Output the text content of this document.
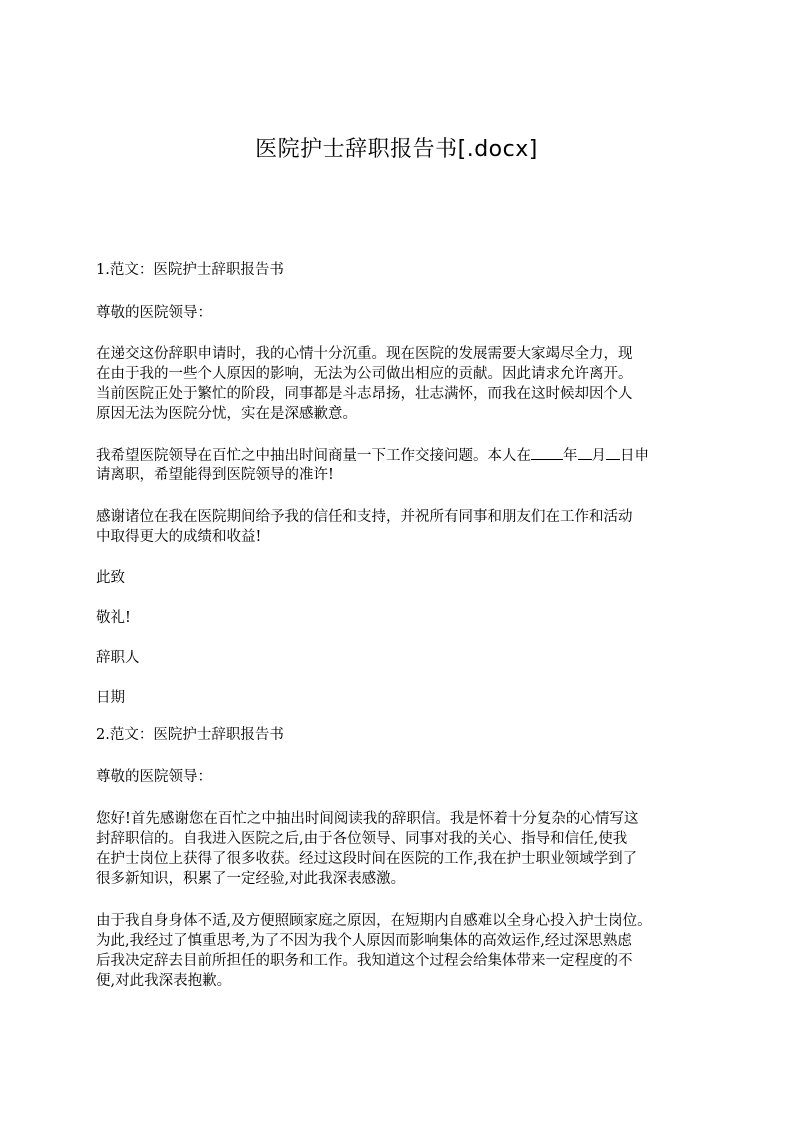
医院护士辞职报告书[.docx]
1.范文：医院护士辞职报告书
尊敬的医院领导：
在递交这份辞职申请时，我的心情十分沉重。现在医院的发展需要大家竭尽全力，现
在由于我的一些个人原因的影响，无法为公司做出相应的贡献。因此请求允许离开。
当前医院正处于繁忙的阶段，同事都是斗志昂扬，壮志满怀，而我在这时候却因个人
原因无法为医院分忧，实在是深感歉意。
我希望医院领导在百忙之中抽出时间商量一下工作交接问题。本人在 年 月 日申
请离职，希望能得到医院领导的准许!
感谢诸位在我在医院期间给予我的信任和支持，并祝所有同事和朋友们在工作和活动
中取得更大的成绩和收益!
此致
敬礼!
辞职人
日期
2.范文：医院护士辞职报告书
尊敬的医院领导：
您好!首先感谢您在百忙之中抽出时间阅读我的辞职信。我是怀着十分复杂的心情写这
封辞职信的。自我进入医院之后,由于各位领导、同事对我的关心、指导和信任,使我
在护士岗位上获得了很多收获。经过这段时间在医院的工作,我在护士职业领域学到了
很多新知识，积累了一定经验,对此我深表感激。
由于我自身身体不适,及方便照顾家庭之原因，在短期内自感难以全身心投入护士岗位。
为此,我经过了慎重思考,为了不因为我个人原因而影响集体的高效运作,经过深思熟虑
后我决定辞去目前所担任的职务和工作。我知道这个过程会给集体带来一定程度的不
便,对此我深表抱歉。
